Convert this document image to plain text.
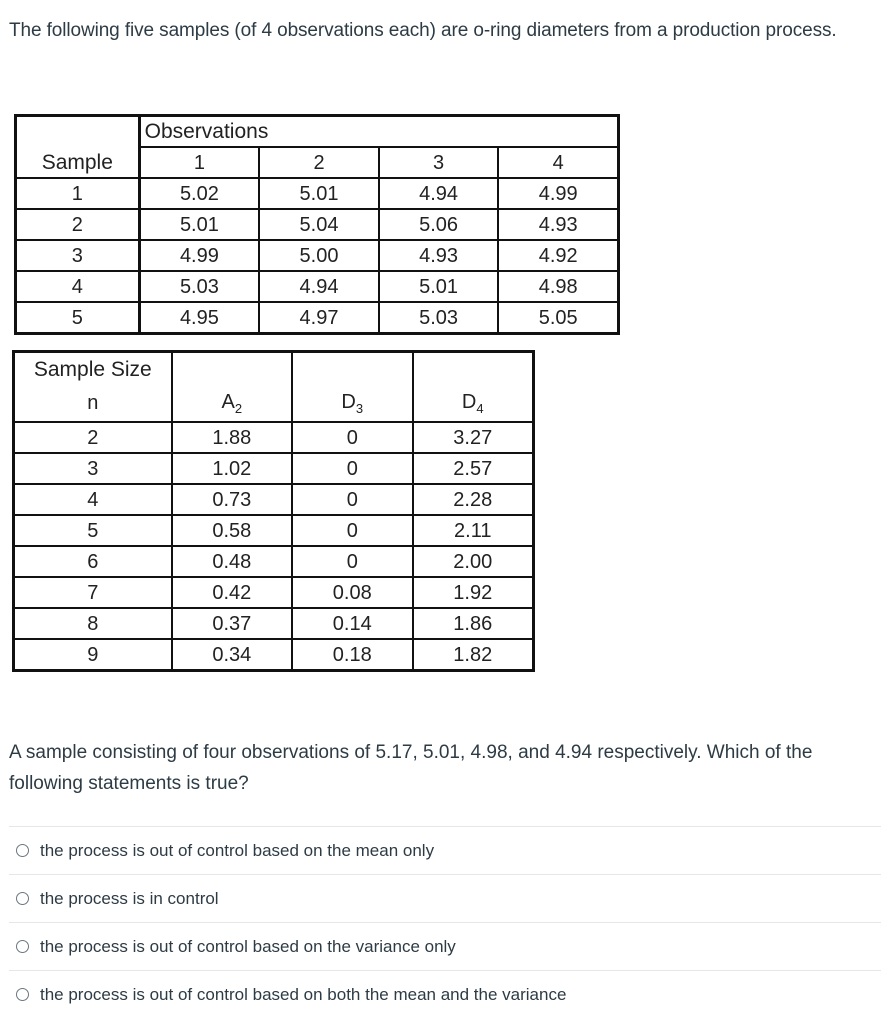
The following five samples (of 4 observations each) are o-ring diameters from a production process.
	Observations			
Sample	1	2	3	4
1	5.02	5.01	4.94	4.99
2	5.01	5.04	5.06	4.93
3	4.99	5.00	4.93	4.92
4	5.03	4.94	5.01	4.98
5	4.95	4.97	5.03	5.05
Sample Size			
n	$A_2$	$D_3$	$D_4$
2	1.88	0	3.27
3	1.02	0	2.57
4	0.73	0	2.28
5	0.58	0	2.11
6	0.48	0	2.00
7	0.42	0.08	1.92
8	0.37	0.14	1.86
9	0.34	0.18	1.82
A sample consisting of four observations of 5.17, 5.01, 4.98, and 4.94 respectively. Which of the following statements is true?
the process is out of control based on the mean only
the process is in control
the process is out of control based on the variance only
the process is out of control based on both the mean and the variance
